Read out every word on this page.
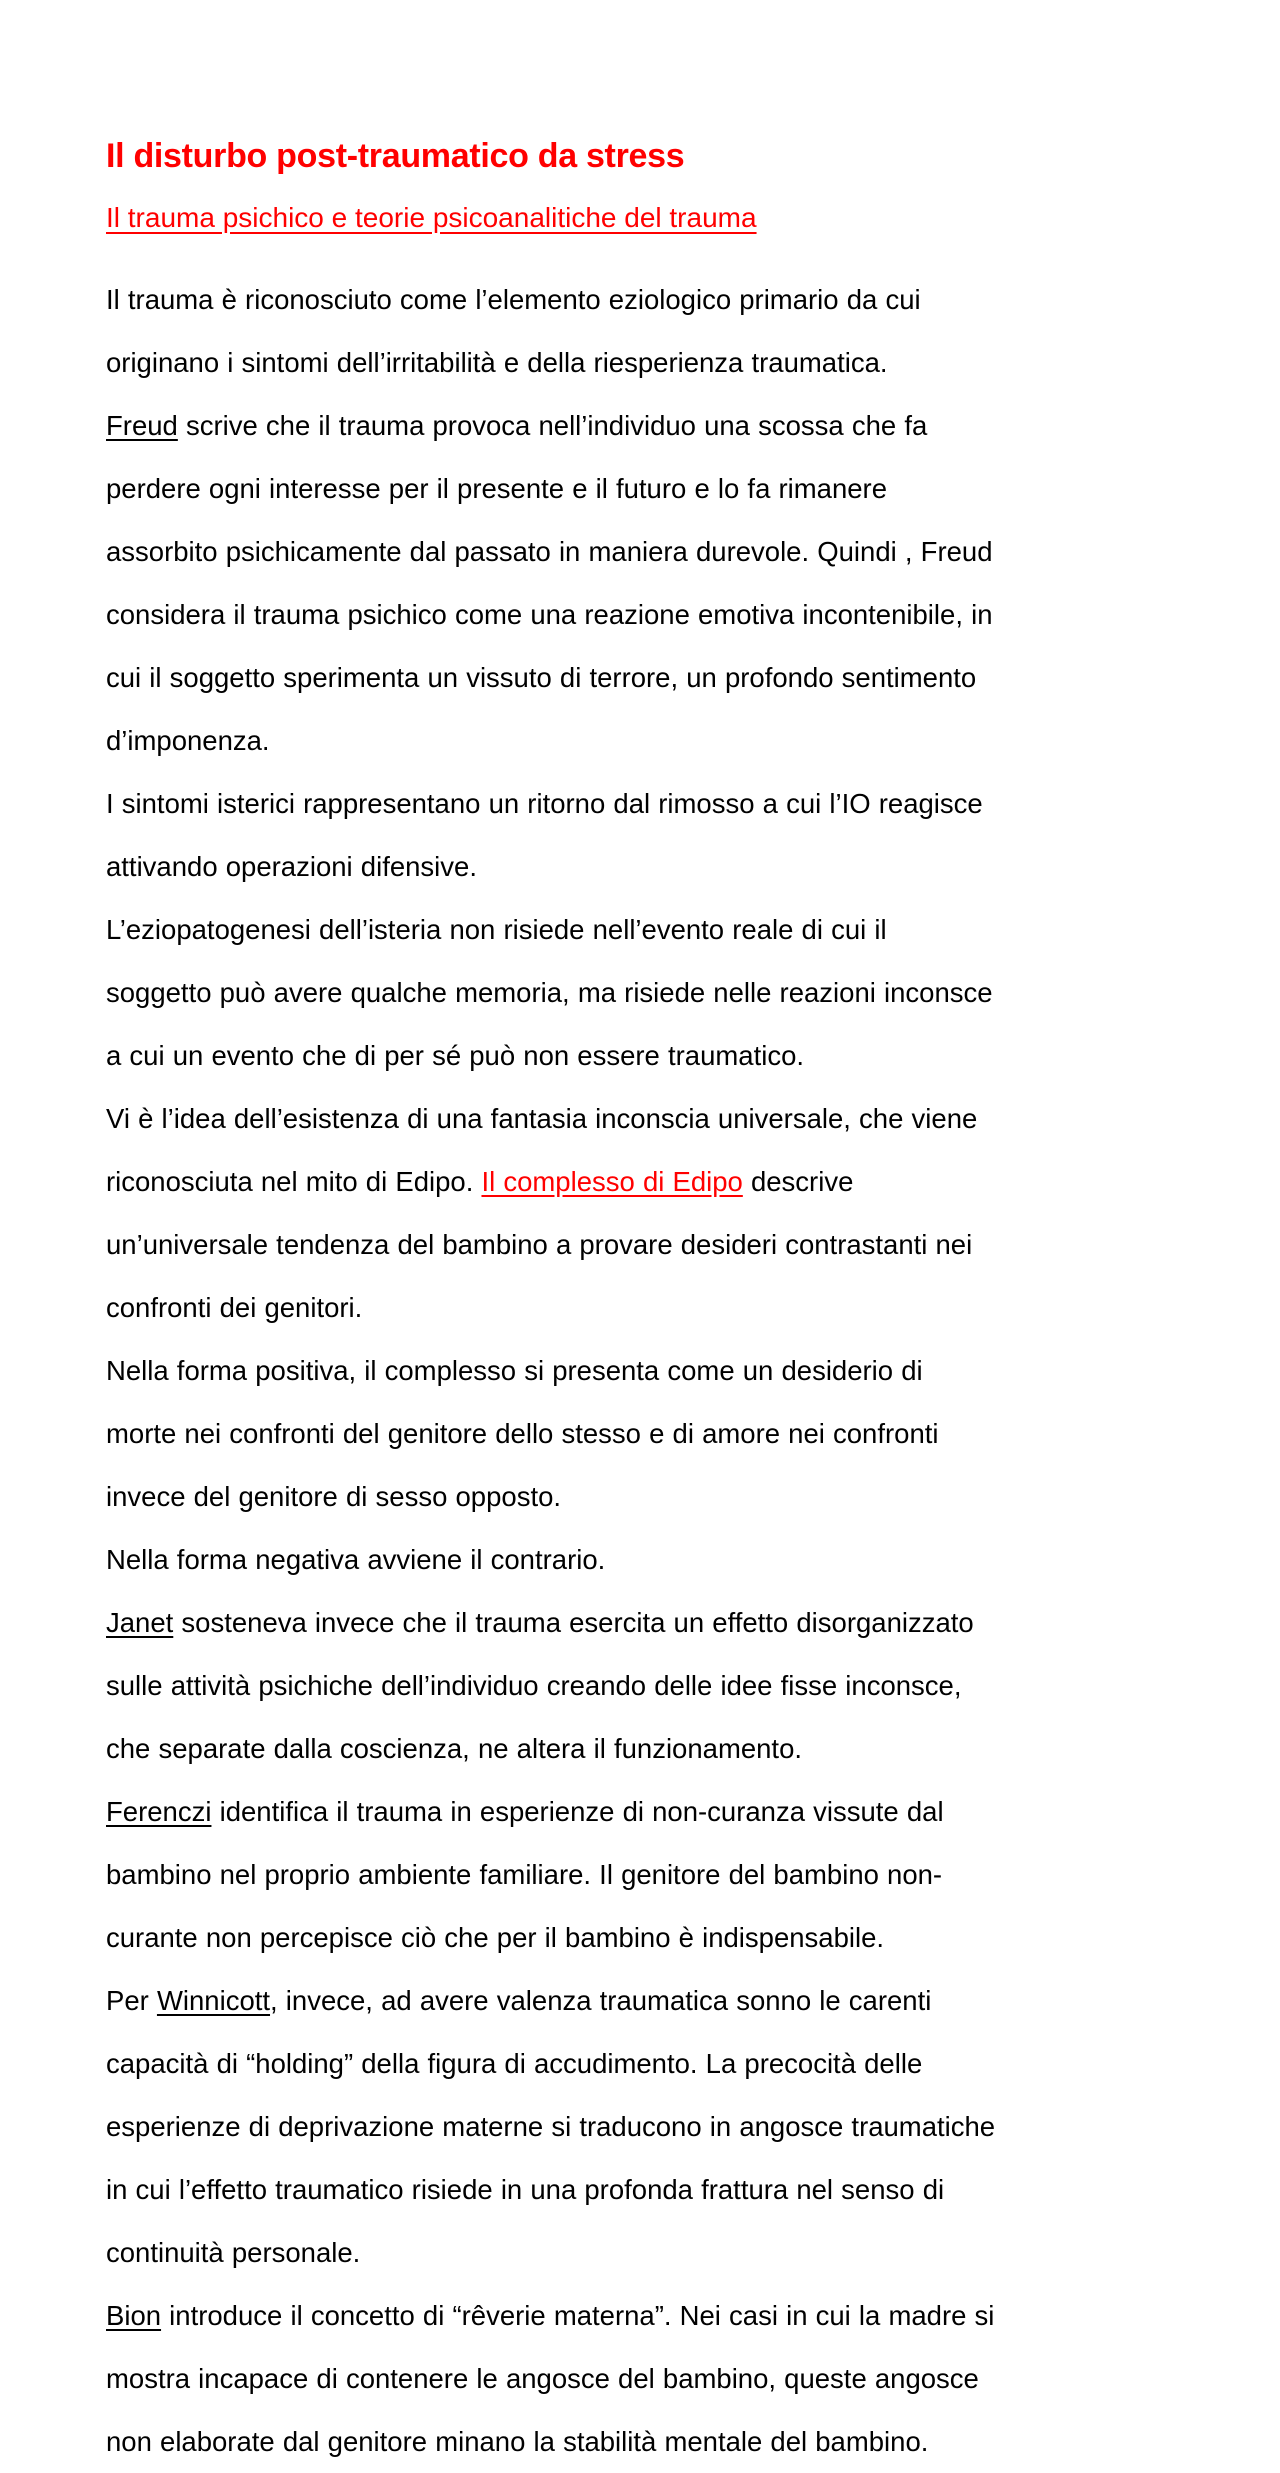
Il disturbo post-traumatico da stress
Il trauma psichico e teorie psicoanalitiche del trauma

Il trauma è riconosciuto come l’elemento eziologico primario da cui originano i sintomi dell’irritabilità e della riesperienza traumatica.

Freud scrive che il trauma provoca nell’individuo una scossa che fa perdere ogni interesse per il presente e il futuro e lo fa rimanere assorbito psichicamente dal passato in maniera durevole. Quindi , Freud considera il trauma psichico come una reazione emotiva incontenibile, in cui il soggetto sperimenta un vissuto di terrore, un profondo sentimento d’imponenza.

I sintomi isterici rappresentano un ritorno dal rimosso a cui l’IO reagisce attivando operazioni difensive.

L’eziopatogenesi dell’isteria non risiede nell’evento reale di cui il soggetto può avere qualche memoria, ma risiede nelle reazioni inconsce a cui un evento che di per sé può non essere traumatico.

Vi è l’idea dell’esistenza di una fantasia inconscia universale, che viene riconosciuta nel mito di Edipo. Il complesso di Edipo descrive un’universale tendenza del bambino a provare desideri contrastanti nei confronti dei genitori.

Nella forma positiva, il complesso si presenta come un desiderio di morte nei confronti del genitore dello stesso e di amore nei confronti invece del genitore di sesso opposto.

Nella forma negativa avviene il contrario.

Janet sosteneva invece che il trauma esercita un effetto disorganizzato sulle attività psichiche dell’individuo creando delle idee fisse inconsce, che separate dalla coscienza, ne altera il funzionamento.

Ferenczi identifica il trauma in esperienze di non-curanza vissute dal bambino nel proprio ambiente familiare. Il genitore del bambino non-curante non percepisce ciò che per il bambino è indispensabile.

Per Winnicott, invece, ad avere valenza traumatica sonno le carenti capacità di “holding” della figura di accudimento. La precocità delle esperienze di deprivazione materne si traducono in angosce traumatiche in cui l’effetto traumatico risiede in una profonda frattura nel senso di continuità personale.

Bion introduce il concetto di “rêverie materna”. Nei casi in cui la madre si mostra incapace di contenere le angosce del bambino, queste angosce non elaborate dal genitore minano la stabilità mentale del bambino.
